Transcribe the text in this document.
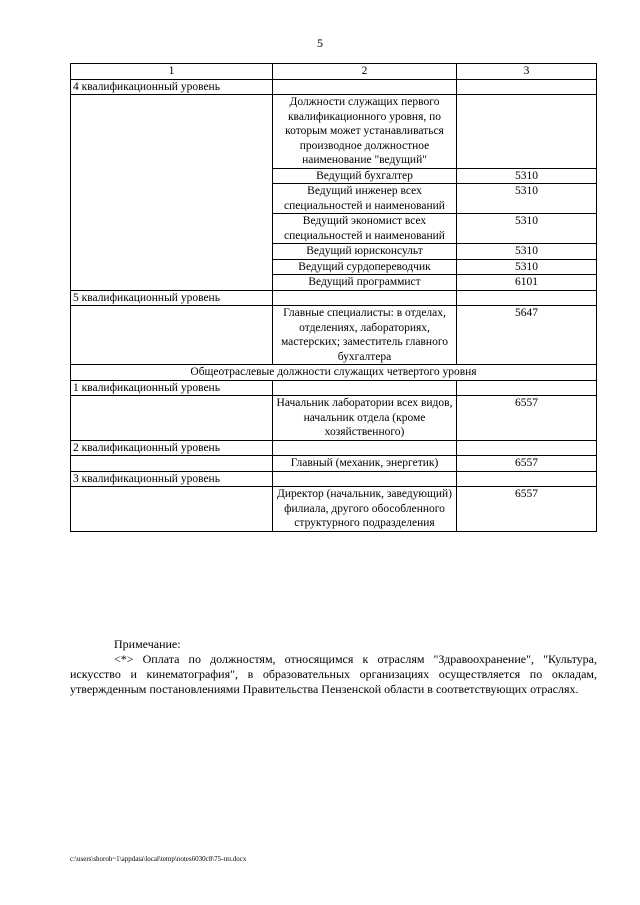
5
1	2	3
4 квалификационный уровень		
	Должности служащих первого квалификационного уровня, по которым может устанавливаться производное должностное наименование "ведущий"	
	Ведущий бухгалтер	5310
	Ведущий инженер всех специальностей и наименований	5310
	Ведущий экономист всех специальностей и наименований	5310
	Ведущий юрисконсульт	5310
	Ведущий сурдопереводчик	5310
	Ведущий программист	6101
5 квалификационный уровень		
	Главные специалисты: в отделах, отделениях, лабораториях, мастерских; заместитель главного бухгалтера	5647
Общеотраслевые должности служащих четвертого уровня		
1 квалификационный уровень		
	Начальник лаборатории всех видов, начальник отдела (кроме хозяйственного)	6557
2 квалификационный уровень		
	Главный (механик, энергетик)	6557
3 квалификационный уровень		
	Директор (начальник, заведующий) филиала, другого обособленного структурного подразделения	6557
Примечание:
<*> Оплата по должностям, относящимся к отраслям "Здравоохранение", "Культура, искусство и кинематография", в образовательных организациях осуществляется по окладам, утвержденным постановлениями Правительства Пензенской области в соответствующих отраслях.
c:\users\shoroh~1\appdata\local\temp\notes6030c8\75-пп.docx
